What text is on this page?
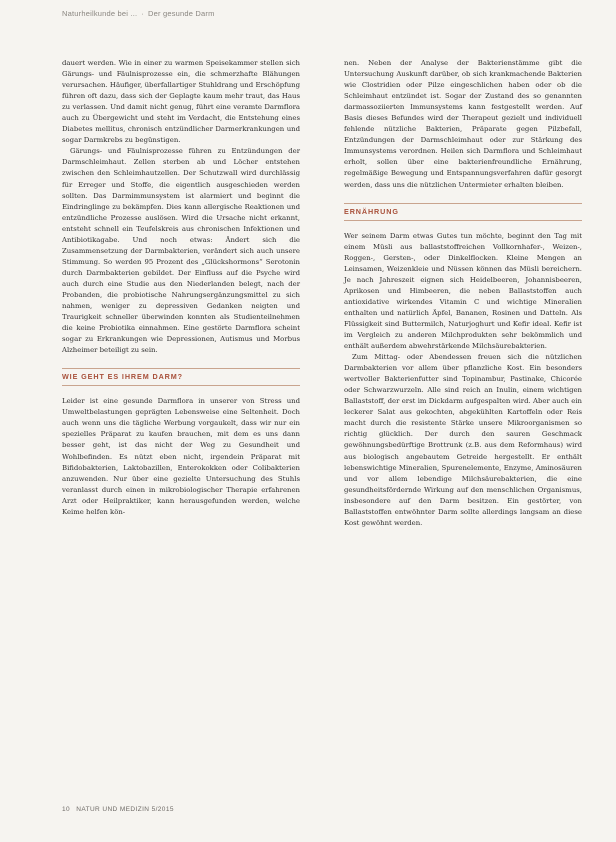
Naturheilkunde bei ... · Der gesunde Darm

dauert werden. Wie in einer zu warmen Speisekammer stellen sich Gärungs- und Fäulnisprozesse ein, die schmerzhafte Blähungen verursachen. Häufiger, überfallartiger Stuhldrang und Erschöpfung führen oft dazu, dass sich der Geplagte kaum mehr traut, das Haus zu verlassen. Und damit nicht genug, führt eine veramte Darmflora auch zu Übergewicht und steht im Verdacht, die Entstehung eines Diabetes mellitus, chronisch entzündlicher Darmerkrankungen und sogar Darmkrebs zu begünstigen.

Gärungs- und Fäulnisprozesse führen zu Entzündungen der Darmschleimhaut. Zellen sterben ab und Löcher entstehen zwischen den Schleimhautzellen. Der Schutzwall wird durchlässig für Erreger und Stoffe, die eigentlich ausgeschieden werden sollten. Das Darmimmunsystem ist alarmiert und beginnt die Eindringlinge zu bekämpfen. Dies kann allergische Reaktionen und entzündliche Prozesse auslösen. Wird die Ursache nicht erkannt, entsteht schnell ein Teufelskreis aus chronischen Infektionen und Antibiotikagabe. Und noch etwas: Ändert sich die Zusammensetzung der Darmbakterien, verändert sich auch unsere Stimmung. So werden 95 Prozent des „Glückshormons“ Serotonin durch Darmbakterien gebildet. Der Einfluss auf die Psyche wird auch durch eine Studie aus den Niederlanden belegt, nach der Probanden, die probiotische Nahrungsergänzungsmittel zu sich nahmen, weniger zu depressiven Gedanken neigten und Traurigkeit schneller überwinden konnten als Studienteilnehmen die keine Probiotika einnahmen. Eine gestörte Darmflora scheint sogar zu Erkrankungen wie Depressionen, Autismus und Morbus Alzheimer beteiligt zu sein.

WIE GEHT ES IHREM DARM?

Leider ist eine gesunde Darmflora in unserer von Stress und Umweltbelastungen geprägten Lebensweise eine Seltenheit. Doch auch wenn uns die tägliche Werbung vorgaukelt, dass wir nur ein spezielles Präparat zu kaufen brauchen, mit dem es uns dann besser geht, ist das nicht der Weg zu Gesundheit und Wohlbefinden. Es nützt eben nicht, irgendein Präparat mit Bifidobakterien, Laktobazillen, Enterokokken oder Colibakterien anzuwenden. Nur über eine gezielte Untersuchung des Stuhls veranlasst durch einen in mikrobiologischer Therapie erfahrenen Arzt oder Heilpraktiker, kann herausgefunden werden, welche Keime helfen kön-

nen. Neben der Analyse der Bakterienstämme gibt die Untersuchung Auskunft darüber, ob sich krankmachende Bakterien wie Clostridien oder Pilze eingeschlichen haben oder ob die Schleimhaut entzündet ist. Sogar der Zustand des so genannten darmassoziierten Immunsystems kann festgestellt werden. Auf Basis dieses Befundes wird der Therapeut gezielt und individuell fehlende nützliche Bakterien, Präparate gegen Pilzbefall, Entzündungen der Darmschleimhaut oder zur Stärkung des Immunsystems verordnen. Heilen sich Darmflora und Schleimhaut erholt, sollen über eine bakterienfreundliche Ernährung, regelmäßige Bewegung und Entspannungsverfahren dafür gesorgt werden, dass uns die nützlichen Untermieter erhalten bleiben.

ERNÄHRUNG

Wer seinem Darm etwas Gutes tun möchte, beginnt den Tag mit einem Müsli aus ballaststoffreichen Vollkornhafer-, Weizen-, Roggen-, Gersten-, oder Dinkelflocken. Kleine Mengen an Leinsamen, Weizenkleie und Nüssen können das Müsli bereichern. Je nach Jahreszeit eignen sich Heidelbeeren, Johannisbeeren, Aprikosen und Himbeeren, die neben Ballaststoffen auch antioxidative wirkendes Vitamin C und wichtige Mineralien enthalten und natürlich Äpfel, Bananen, Rosinen und Datteln. Als Flüssigkeit sind Buttermilch, Naturjoghurt und Kefir ideal. Kefir ist im Vergleich zu anderen Milchprodukten sehr bekömmlich und enthält außerdem abwehrstärkende Milchsäurebakterien.

Zum Mittag- oder Abendessen freuen sich die nützlichen Darmbakterien vor allem über pflanzliche Kost. Ein besonders wertvoller Bakterienfutter sind Topinambur, Pastinake, Chicorée oder Schwarzwurzeln. Alle sind reich an Inulin, einem wichtigen Ballaststoff, der erst im Dickdarm aufgespalten wird. Aber auch ein leckerer Salat aus gekochten, abgekühlten Kartoffeln oder Reis macht durch die resistente Stärke unsere Mikroorganismen so richtig glücklich. Der durch den sauren Geschmack gewöhnungsbedürftige Brottrunk (z.B. aus dem Reformhaus) wird aus biologisch angebautem Getreide hergestellt. Er enthält lebenswichtige Mineralien, Spurenelemente, Enzyme, Aminosäuren und vor allem lebendige Milchsäurebakterien, die eine gesundheitsfördernde Wirkung auf den menschlichen Organismus, insbesondere auf den Darm besitzen. Ein gestörter, von Ballaststoffen entwöhnter Darm sollte allerdings langsam an diese Kost gewöhnt werden.

10 NATUR UND MEDIZIN 5/2015
